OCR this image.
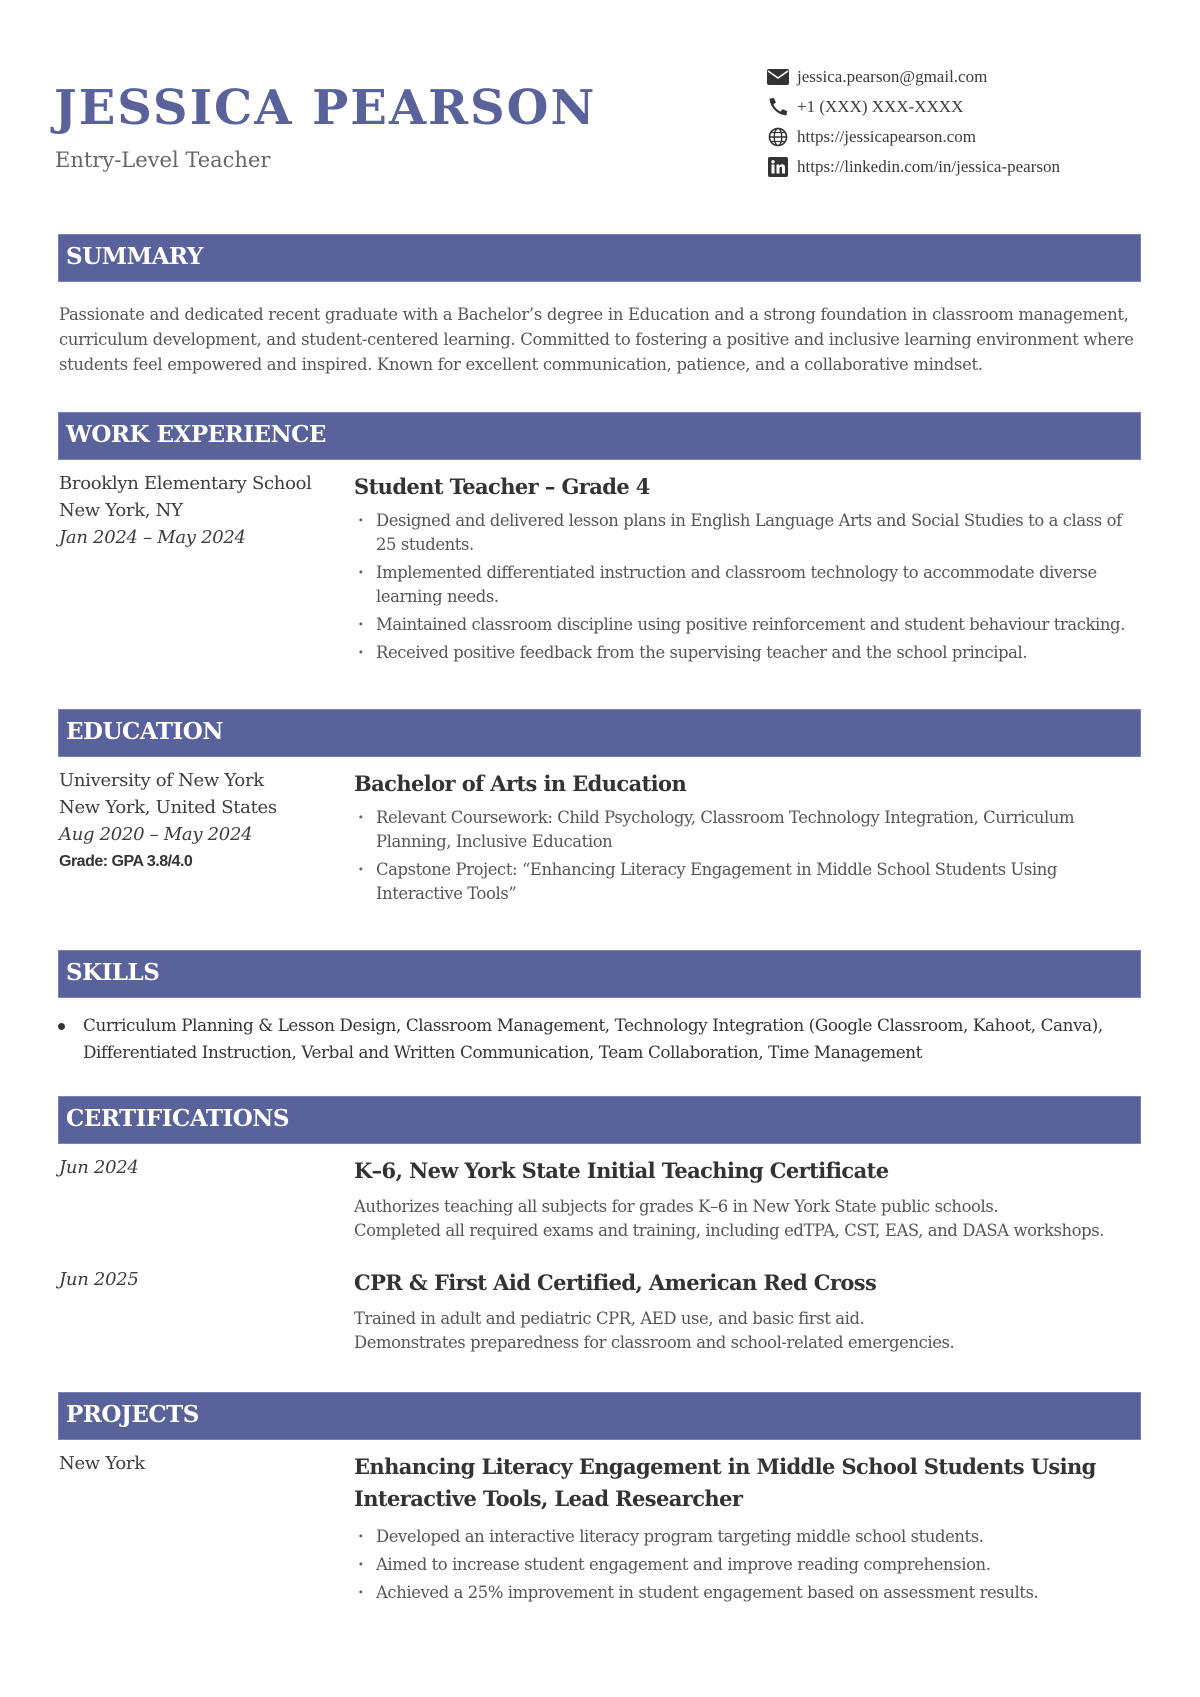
JESSICA PEARSON
Entry-Level Teacher
jessica.pearson@gmail.com
+1 (XXX) XXX-XXXX
https://jessicapearson.com
https://linkedin.com/in/jessica-pearson
SUMMARY
Passionate and dedicated recent graduate with a Bachelor’s degree in Education and a strong foundation in classroom management, curriculum development, and student-centered learning. Committed to fostering a positive and inclusive learning environment where students feel empowered and inspired. Known for excellent communication, patience, and a collaborative mindset.
WORK EXPERIENCE
Brooklyn Elementary School
New York, NY
Jan 2024 – May 2024
Student Teacher – Grade 4
· Designed and delivered lesson plans in English Language Arts and Social Studies to a class of 25 students.
· Implemented differentiated instruction and classroom technology to accommodate diverse learning needs.
· Maintained classroom discipline using positive reinforcement and student behaviour tracking.
· Received positive feedback from the supervising teacher and the school principal.
EDUCATION
University of New York
New York, United States
Aug 2020 – May 2024
Grade: GPA 3.8/4.0
Bachelor of Arts in Education
· Relevant Coursework: Child Psychology, Classroom Technology Integration, Curriculum Planning, Inclusive Education
· Capstone Project: “Enhancing Literacy Engagement in Middle School Students Using Interactive Tools”
SKILLS
Curriculum Planning & Lesson Design, Classroom Management, Technology Integration (Google Classroom, Kahoot, Canva), Differentiated Instruction, Verbal and Written Communication, Team Collaboration, Time Management
CERTIFICATIONS
Jun 2024	K–6, New York State Initial Teaching Certificate
Authorizes teaching all subjects for grades K–6 in New York State public schools.
Completed all required exams and training, including edTPA, CST, EAS, and DASA workshops.
Jun 2025	CPR & First Aid Certified, American Red Cross
Trained in adult and pediatric CPR, AED use, and basic first aid.
Demonstrates preparedness for classroom and school-related emergencies.
PROJECTS
New York	Enhancing Literacy Engagement in Middle School Students Using Interactive Tools, Lead Researcher
· Developed an interactive literacy program targeting middle school students.
· Aimed to increase student engagement and improve reading comprehension.
· Achieved a 25% improvement in student engagement based on assessment results.
